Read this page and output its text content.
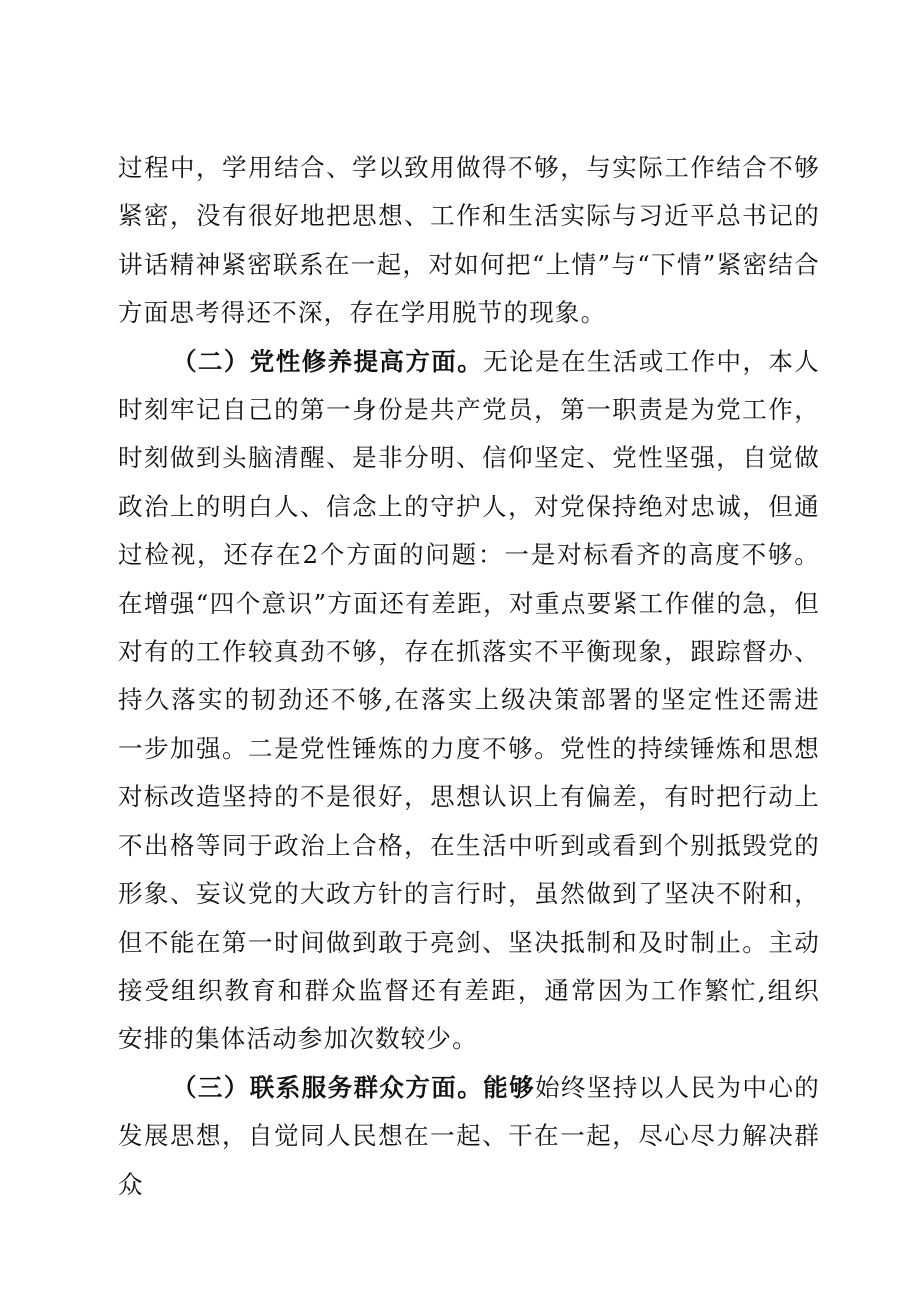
过程中，学用结合、学以致用做得不够，与实际工作结合不够紧密，没有很好地把思想、工作和生活实际与习近平总书记的讲话精神紧密联系在一起，对如何把“上情”与“下情”紧密结合方面思考得还不深，存在学用脱节的现象。

（二）党性修养提高方面。无论是在生活或工作中，本人时刻牢记自己的第一身份是共产党员，第一职责是为党工作，时刻做到头脑清醒、是非分明、信仰坚定、党性坚强，自觉做政治上的明白人、信念上的守护人，对党保持绝对忠诚，但通过检视，还存在2个方面的问题：一是对标看齐的高度不够。在增强“四个意识”方面还有差距，对重点要紧工作催的急，但对有的工作较真劲不够，存在抓落实不平衡现象，跟踪督办、持久落实的韧劲还不够,在落实上级决策部署的坚定性还需进一步加强。二是党性锤炼的力度不够。党性的持续锤炼和思想对标改造坚持的不是很好，思想认识上有偏差，有时把行动上不出格等同于政治上合格，在生活中听到或看到个别抵毁党的形象、妄议党的大政方针的言行时，虽然做到了坚决不附和，但不能在第一时间做到敢于亮剑、坚决抵制和及时制止。主动接受组织教育和群众监督还有差距，通常因为工作繁忙,组织安排的集体活动参加次数较少。

（三）联系服务群众方面。能够始终坚持以人民为中心的发展思想，自觉同人民想在一起、干在一起，尽心尽力解决群众
